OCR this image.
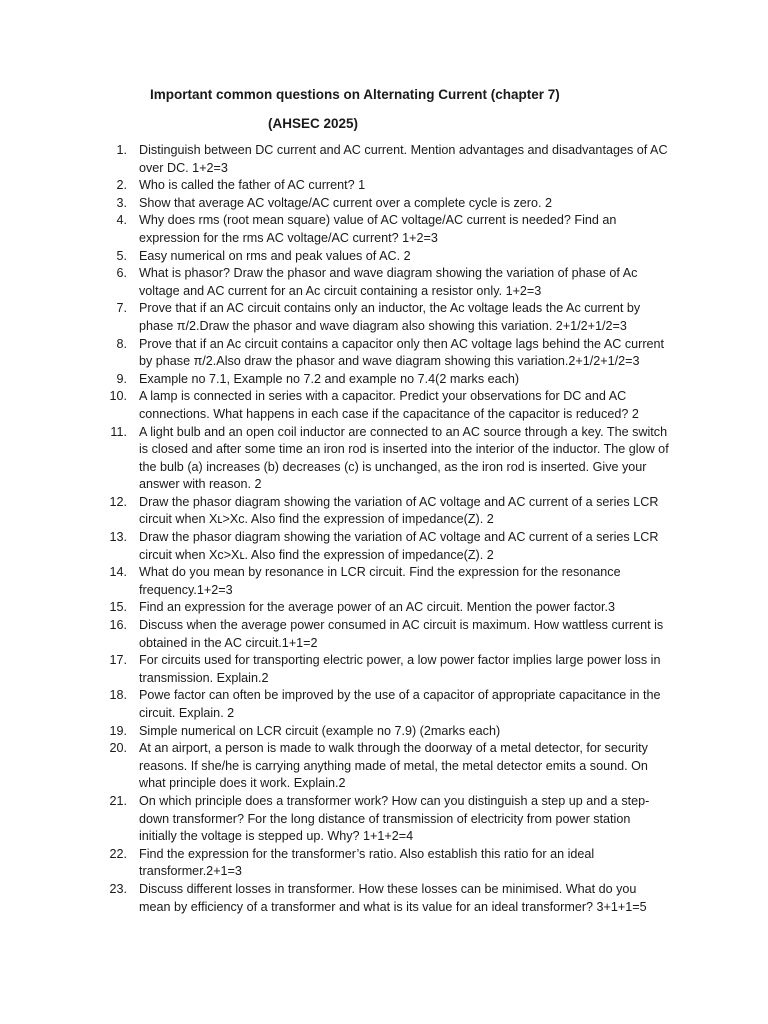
Important common questions on Alternating Current (chapter 7)
(AHSEC 2025)
1. Distinguish between DC current and AC current. Mention advantages and disadvantages of AC over DC. 1+2=3
2. Who is called the father of AC current? 1
3. Show that average AC voltage/AC current over a complete cycle is zero. 2
4. Why does rms (root mean square) value of AC voltage/AC current is needed? Find an expression for the rms AC voltage/AC current? 1+2=3
5. Easy numerical on rms and peak values of AC. 2
6. What is phasor? Draw the phasor and wave diagram showing the variation of phase of Ac voltage and AC current for an Ac circuit containing a resistor only. 1+2=3
7. Prove that if an AC circuit contains only an inductor, the Ac voltage leads the Ac current by phase π/2.Draw the phasor and wave diagram also showing this variation. 2+1/2+1/2=3
8. Prove that if an Ac circuit contains a capacitor only then AC voltage lags behind the AC current by phase π/2.Also draw the phasor and wave diagram showing this variation.2+1/2+1/2=3
9. Example no 7.1, Example no 7.2 and example no 7.4(2 marks each)
10. A lamp is connected in series with a capacitor. Predict your observations for DC and AC connections. What happens in each case if the capacitance of the capacitor is reduced? 2
11. A light bulb and an open coil inductor are connected to an AC source through a key. The switch is closed and after some time an iron rod is inserted into the interior of the inductor. The glow of the bulb (a) increases (b) decreases (c) is unchanged, as the iron rod is inserted. Give your answer with reason. 2
12. Draw the phasor diagram showing the variation of AC voltage and AC current of a series LCR circuit when Xʟ>Xᴄ. Also find the expression of impedance(Z). 2
13. Draw the phasor diagram showing the variation of AC voltage and AC current of a series LCR circuit when Xᴄ>Xʟ. Also find the expression of impedance(Z). 2
14. What do you mean by resonance in LCR circuit. Find the expression for the resonance frequency.1+2=3
15. Find an expression for the average power of an AC circuit. Mention the power factor.3
16. Discuss when the average power consumed in AC circuit is maximum. How wattless current is obtained in the AC circuit.1+1=2
17. For circuits used for transporting electric power, a low power factor implies large power loss in transmission. Explain.2
18. Powe factor can often be improved by the use of a capacitor of appropriate capacitance in the circuit. Explain. 2
19. Simple numerical on LCR circuit (example no 7.9) (2marks each)
20. At an airport, a person is made to walk through the doorway of a metal detector, for security reasons. If she/he is carrying anything made of metal, the metal detector emits a sound. On what principle does it work. Explain.2
21. On which principle does a transformer work? How can you distinguish a step up and a step-down transformer? For the long distance of transmission of electricity from power station initially the voltage is stepped up. Why? 1+1+2=4
22. Find the expression for the transformer’s ratio. Also establish this ratio for an ideal transformer.2+1=3
23. Discuss different losses in transformer. How these losses can be minimised. What do you mean by efficiency of a transformer and what is its value for an ideal transformer? 3+1+1=5
